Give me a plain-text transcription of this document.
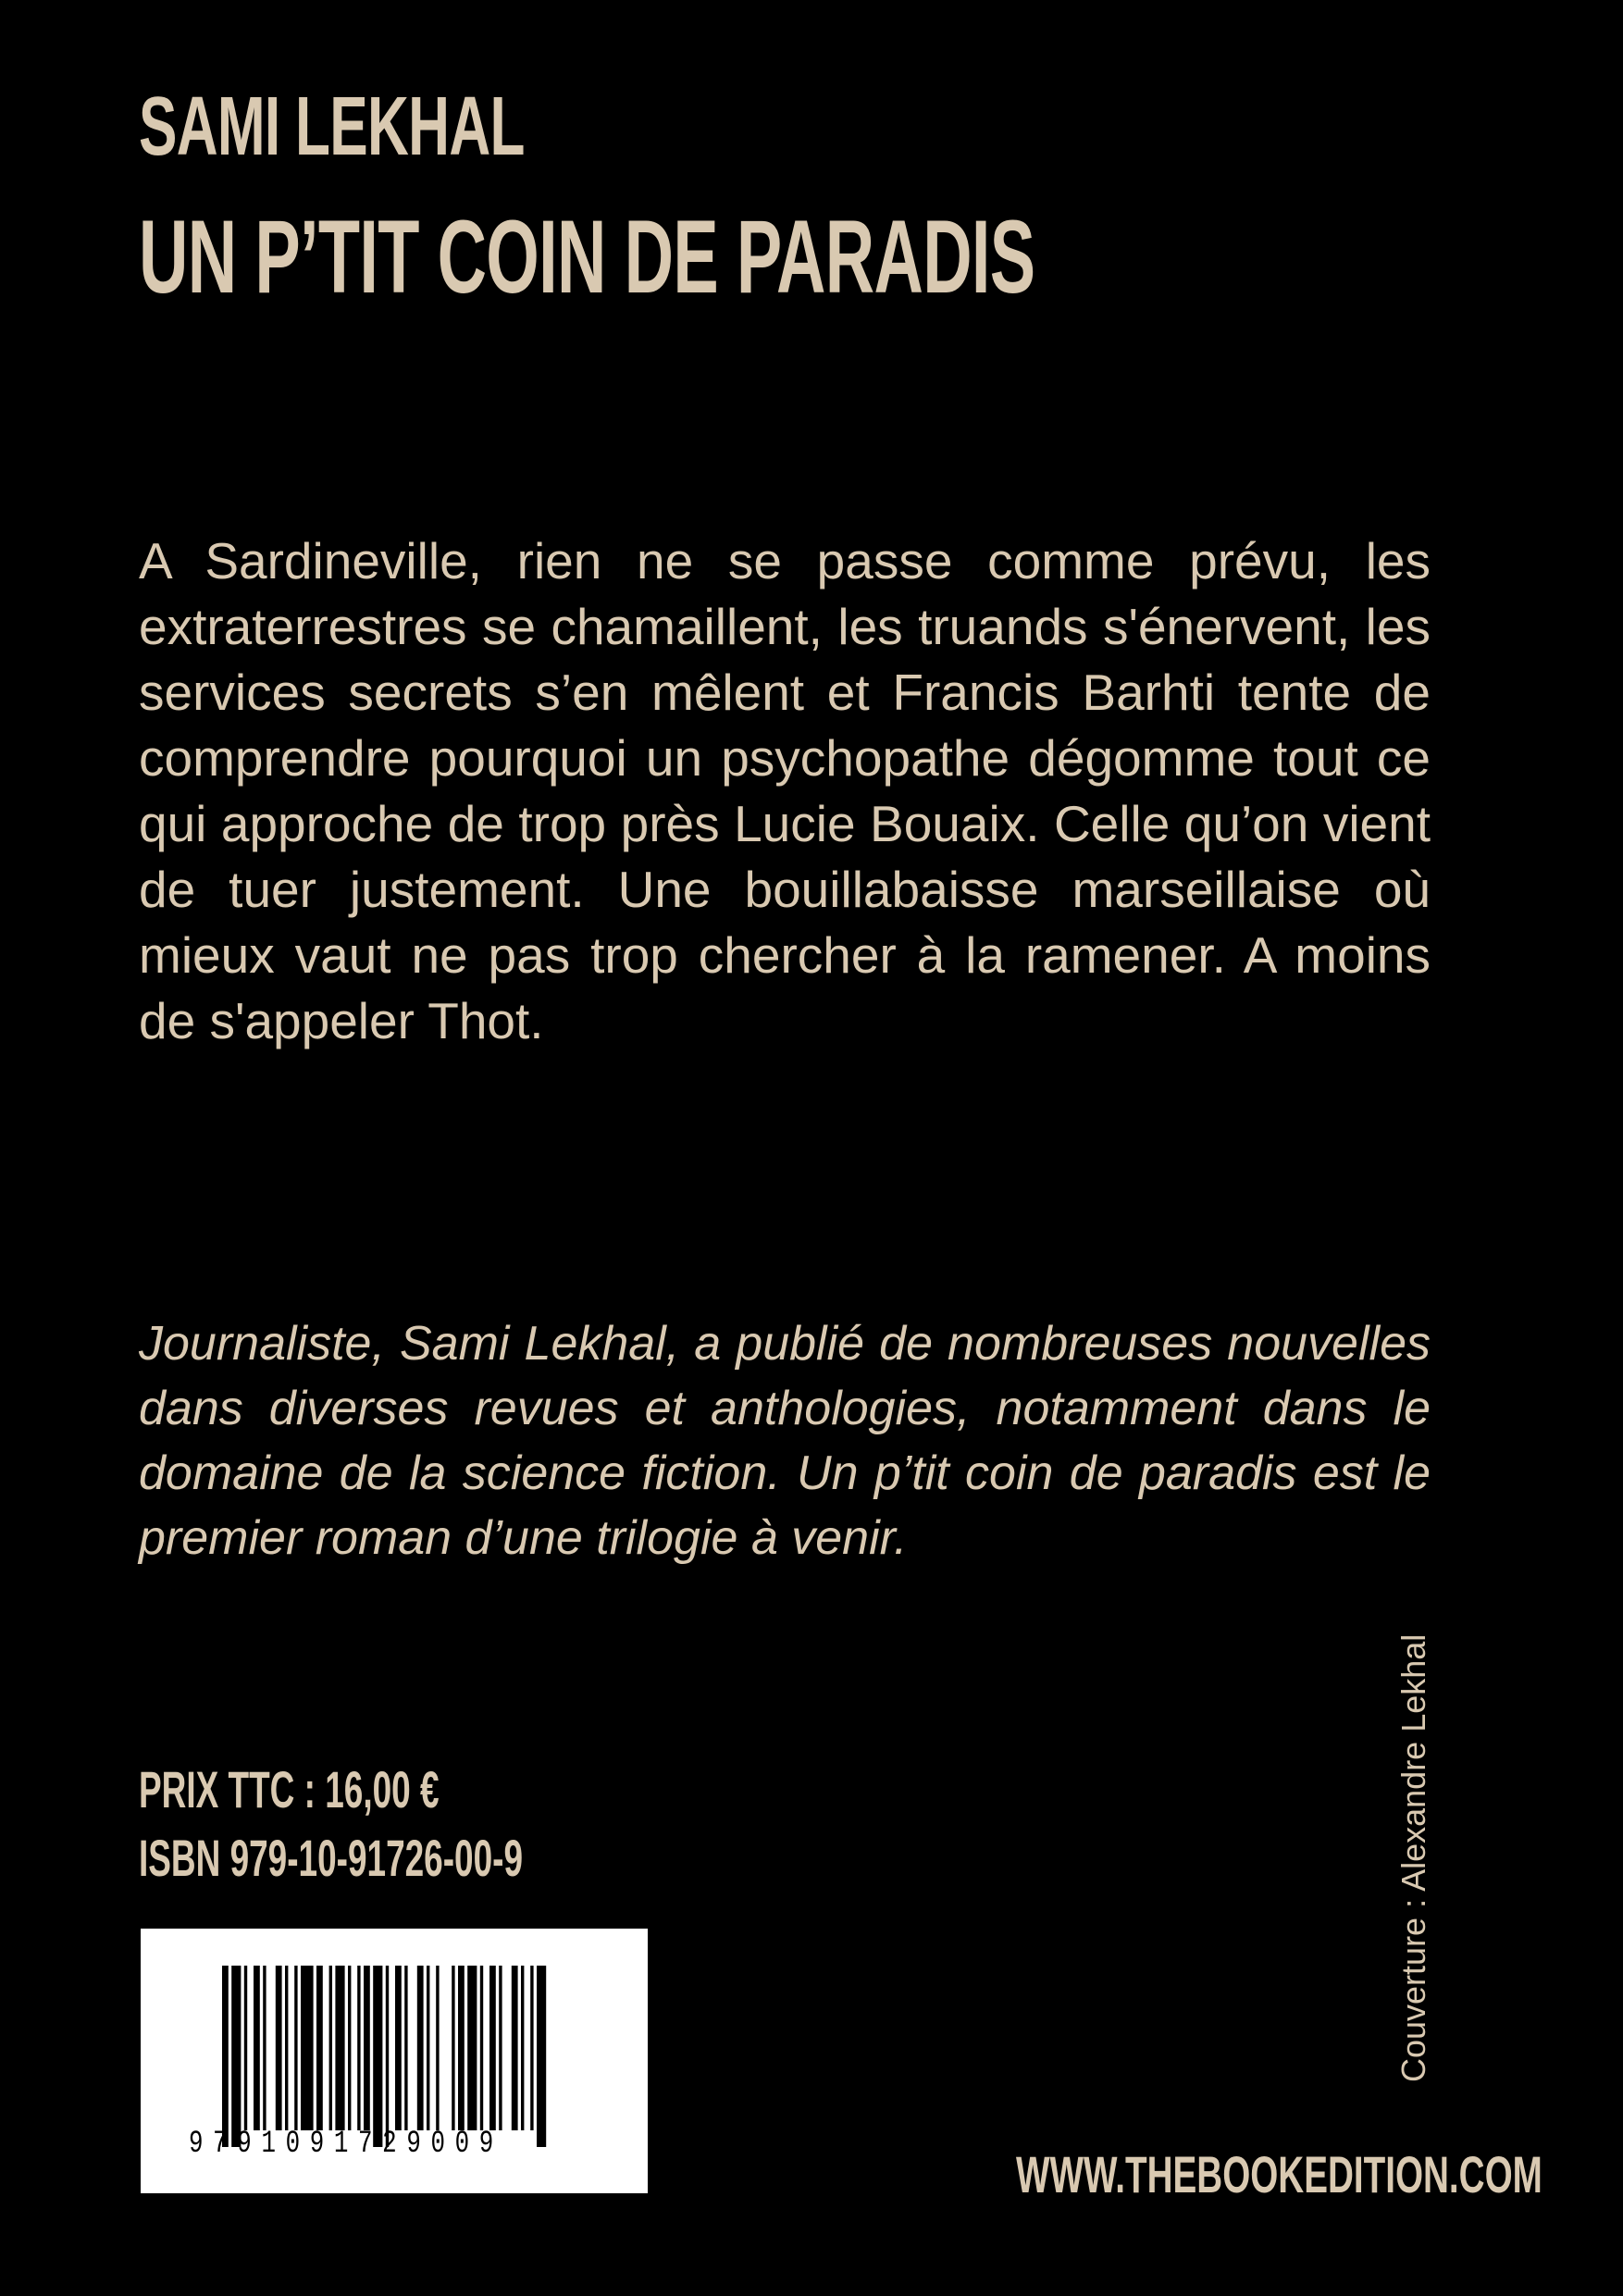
SAMI LEKHAL
UN P’TIT COIN DE PARADIS

A Sardineville, rien ne se passe comme prévu, les extraterrestres se chamaillent, les truands s'énervent, les services secrets s’en mêlent et Francis Barhti tente de comprendre pourquoi un psychopathe dégomme tout ce qui approche de trop près Lucie Bouaix. Celle qu’on vient de tuer justement. Une bouillabaisse marseillaise où mieux vaut ne pas trop chercher à la ramener. A moins de s'appeler Thot.

Journaliste, Sami Lekhal, a publié de nombreuses nouvelles dans diverses revues et anthologies, notamment dans le domaine de la science fiction. Un p’tit coin de paradis est le premier roman d’une trilogie à venir.

PRIX TTC : 16,00 €
ISBN 979-10-91726-00-9
9791091729009
Couverture : Alexandre Lekhal
WWW.THEBOOKEDITION.COM
